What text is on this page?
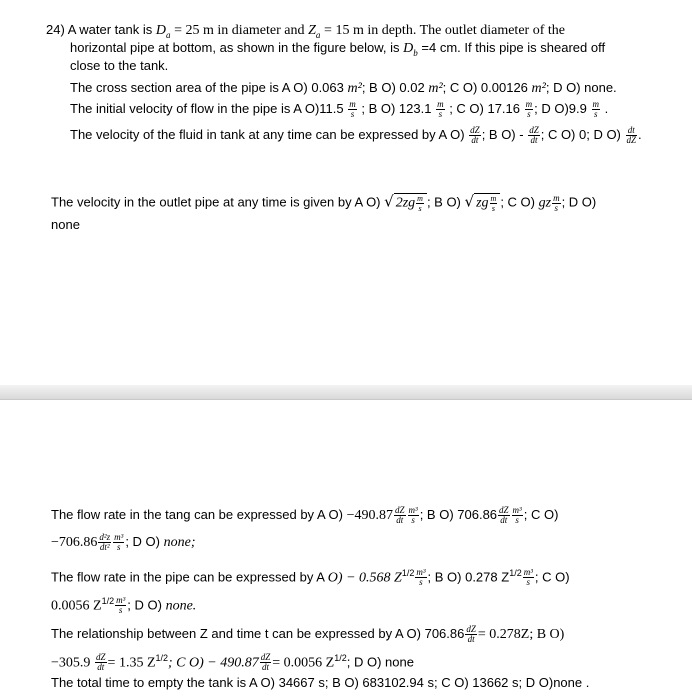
24) A water tank is $D_a = 25$ m in diameter and $Z_a = 15$ m in depth. The outlet diameter of the
horizontal pipe at bottom, as shown in the figure below, is $D_b =4$ cm. If this pipe is sheared off
close to the tank.
The cross section area of the pipe is A O) 0.063 m²; B O) 0.02 m²; C O) 0.00126 m²; D O) none.
The initial velocity of flow in the pipe is A $O)11.5 \frac{m}{s}$ ; B O) $123.1 \frac{m}{s}$ ; C O) $17.16 \frac{m}{s}$ ; D $O)9.9 \frac{m}{s}$ .
The velocity of the fluid in tank at any time can be expressed by A $O) \frac{dZ}{dt}$ ; B $O) - \frac{dZ}{dt}$ ; C O) 0; D $O) \frac{dt}{dZ}$ .
The velocity in the outlet pipe at any time is given by A O) √ $2zg \frac{m}{s}$ ; B O) √ zg $\frac{m}{s}$ ; C O) gz $\frac{m}{s}$ ; D O)
none
The flow rate in the tang can be expressed by A $O) -490.87 \frac{dZ}{dt} \frac{\text{m³}}{s}$ ; B O) $706.86 \frac{dZ}{dt} \frac{\text{m³}}{s}$ ; C O)
$-706.86 \frac{\text{d²z}}{\text{dt²}} \frac{\text{m³}}{s}$ ; D O) none;
The flow rate in the pipe can be expressed by A O) − 0.568 $Z^{1/2} \frac{\text{m³}}{s}$ ; B O) 0.278 $Z^{1/2} \frac{\text{m³}}{s}$ ; C O)
0.0056 $Z^{1/2} \frac{\text{m³}}{s}$ ; D O) none.
The relationship between Z and time t can be expressed by A O) $706.86 \frac{dZ}{dt} = 0.278Z$; B O)
$-305.9 \frac{dZ}{dt} = 1.35$ $Z^{1/2}$; C $O) - 490.87 \frac{dZ}{dt} = 0.0056$ $Z^{1/2}$; D O) none
The total time to empty the tank is A O) 34667 s; B O) 683102.94 s; C O) 13662 s; D O)none .
